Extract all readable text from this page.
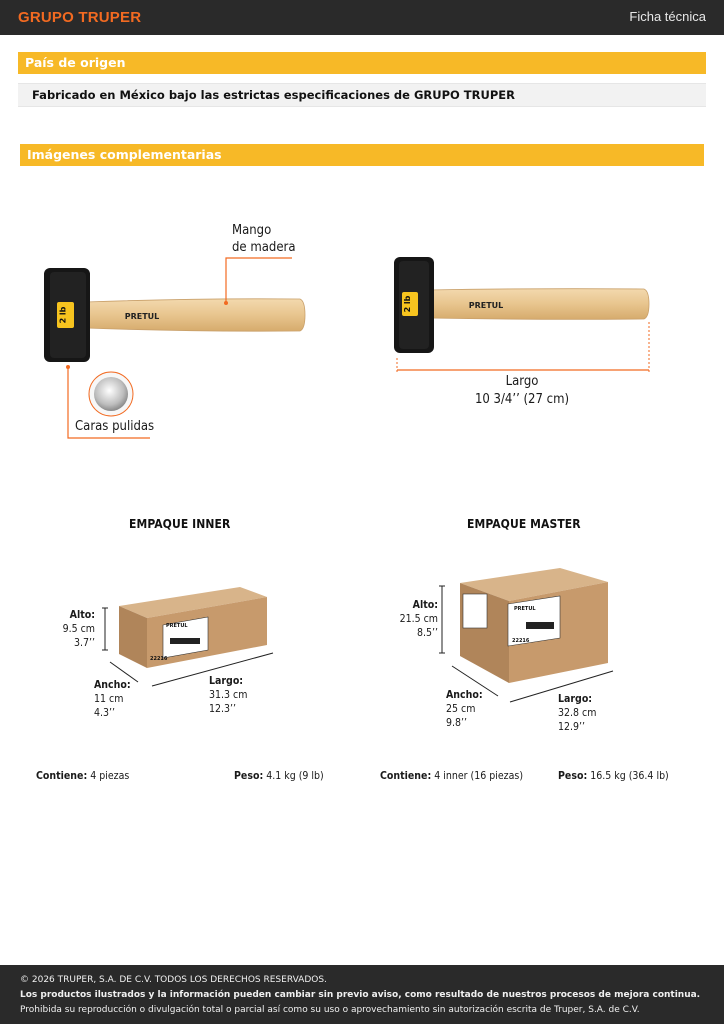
GRUPO TRUPER	Ficha técnica
País de origen
Fabricado en México bajo las estrictas especificaciones de GRUPO TRUPER
Imágenes complementarias
2 lb	PRETUL
Mango
de madera
Caras pulidas
2 lb	PRETUL
Largo
10 3/4’’ (27 cm)
EMPAQUE INNER	EMPAQUE MASTER
PRETUL
22216
Alto:
9.5 cm
3.7’’
Ancho:
11 cm
4.3’’
Largo:
31.3 cm
12.3’’
PRETUL
22216
Alto:
21.5 cm
8.5’’
Ancho:
25 cm
9.8’’
Largo:
32.8 cm
12.9’’
Contiene: 4 piezas	Peso: 4.1 kg (9 lb)	Contiene: 4 inner (16 piezas)	Peso: 16.5 kg (36.4 lb)
© 2026 TRUPER, S.A. DE C.V. TODOS LOS DERECHOS RESERVADOS.
Los productos ilustrados y la información pueden cambiar sin previo aviso, como resultado de nuestros procesos de mejora continua.
Prohibida su reproducción o divulgación total o parcial así como su uso o aprovechamiento sin autorización escrita de Truper, S.A. de C.V.
